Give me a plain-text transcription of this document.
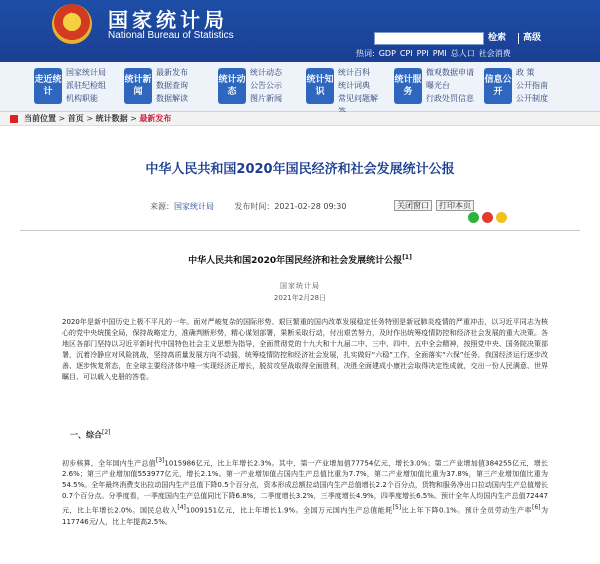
★
国家统计局
National Bureau of Statistics	检索 高级
热词: GDP CPI PPI PMI 总人口 社会消费
走近统计
国家统计局
派驻纪检组
机构职能
统计新闻
最新发布
数据查询
数据解读
统计动态
统计动态
公告公示
图片新闻
统计知识
统计百科
统计词典
常见问题解
统计服务
微观数据申请
曝光台
行政处罚信息
信息公开
政 策
公开指南
公开制度
当前位置 > 首页 > 统计数据 > 最新发布
中华人民共和国2020年国民经济和社会发展统计公报
来源：国家统计局	发布时间：2021-02-28 09:30	关闭窗口	打印本页
中华人民共和国2020年国民经济和社会发展统计公报[1]
国家统计局
2021年2月28日
2020年是新中国历史上极不平凡的一年。面对严峻复杂的国际形势、艰巨繁重的国内改革发展稳定任务特别是新冠肺炎疫情的严重冲击，以习近平同志为核心的党中央统揽全局，保持战略定力，准确判断形势，精心谋划部署，果断采取行动，付出艰苦努力，及时作出统筹疫情防控和经济社会发展的重大决策。各地区各部门坚持以习近平新时代中国特色社会主义思想为指导，全面贯彻党的十九大和十九届二中、三中、四中、五中全会精神，按照党中央、国务院决策部署，沉着冷静应对风险挑战，坚持高质量发展方向不动摇，统筹疫情防控和经济社会发展，扎实做好“六稳”工作，全面落实“六保”任务，我国经济运行逐步改善、逐步恢复常态，在全球主要经济体中唯一实现经济正增长，脱贫攻坚战取得全面胜利，决胜全面建成小康社会取得决定性成就，交出一份人民满意、世界瞩目、可以载入史册的答卷。
一、综合[2]
初步核算，全年国内生产总值[3]1015986亿元，比上年增长2.3%。其中，第一产业增加值77754亿元，增长3.0%；第二产业增加值384255亿元，增长2.6%；第三产业增加值553977亿元，增长2.1%。第一产业增加值占国内生产总值比重为7.7%，第二产业增加值比重为37.8%，第三产业增加值比重为54.5%。全年最终消费支出拉动国内生产总值下降0.5个百分点，资本形成总额拉动国内生产总值增长2.2个百分点，货物和服务净出口拉动国内生产总值增长0.7个百分点。分季度看，一季度国内生产总值同比下降6.8%，二季度增长3.2%，三季度增长4.9%，四季度增长6.5%。预计全年人均国内生产总值72447元，比上年增长2.0%。国民总收入[4]1009151亿元，比上年增长1.9%。全国万元国内生产总值能耗[5]比上年下降0.1%。预计全员劳动生产率[6]为117746元/人，比上年提高2.5%。
